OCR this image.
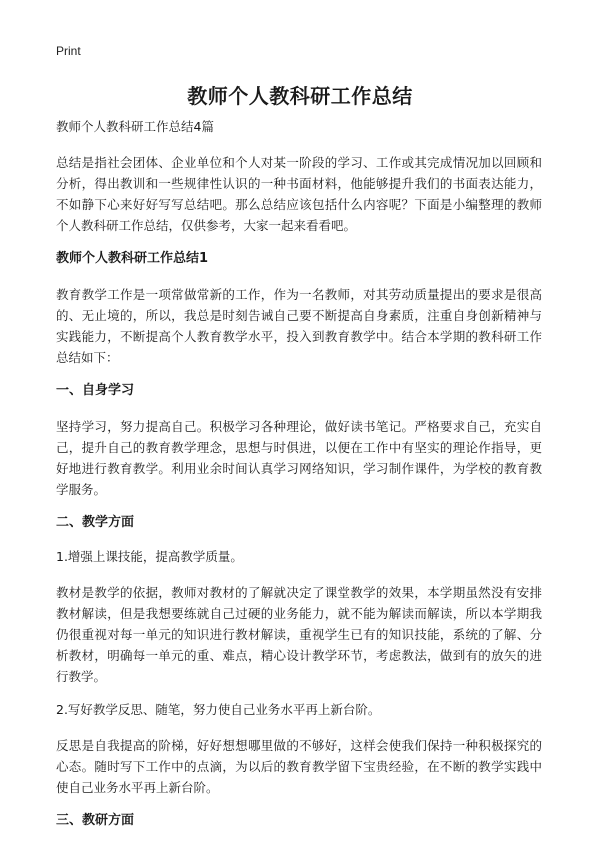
Print
教师个人教科研工作总结
教师个人教科研工作总结4篇

总结是指社会团体、企业单位和个人对某一阶段的学习、工作或其完成情况加以回顾和分析，得出教训和一些规律性认识的一种书面材料，他能够提升我们的书面表达能力，不如静下心来好好写写总结吧。那么总结应该包括什么内容呢？下面是小编整理的教师个人教科研工作总结，仅供参考，大家一起来看看吧。

教师个人教科研工作总结1

教育教学工作是一项常做常新的工作，作为一名教师，对其劳动质量提出的要求是很高的、无止境的，所以，我总是时刻告诫自己要不断提高自身素质，注重自身创新精神与实践能力，不断提高个人教育教学水平，投入到教育教学中。结合本学期的教科研工作总结如下：

一、自身学习

坚持学习，努力提高自己。积极学习各种理论，做好读书笔记。严格要求自己，充实自己，提升自己的教育教学理念，思想与时俱进，以便在工作中有坚实的理论作指导，更好地进行教育教学。利用业余时间认真学习网络知识，学习制作课件，为学校的教育教学服务。

二、教学方面

1.增强上课技能，提高教学质量。

教材是教学的依据，教师对教材的了解就决定了课堂教学的效果，本学期虽然没有安排教材解读，但是我想要练就自己过硬的业务能力，就不能为解读而解读，所以本学期我仍很重视对每一单元的知识进行教材解读，重视学生已有的知识技能，系统的了解、分析教材，明确每一单元的重、难点，精心设计教学环节，考虑教法，做到有的放矢的进行教学。

2.写好教学反思、随笔，努力使自己业务水平再上新台阶。

反思是自我提高的阶梯，好好想想哪里做的不够好，这样会使我们保持一种积极探究的心态。随时写下工作中的点滴，为以后的教育教学留下宝贵经验，在不断的教学实践中使自己业务水平再上新台阶。

三、教研方面
